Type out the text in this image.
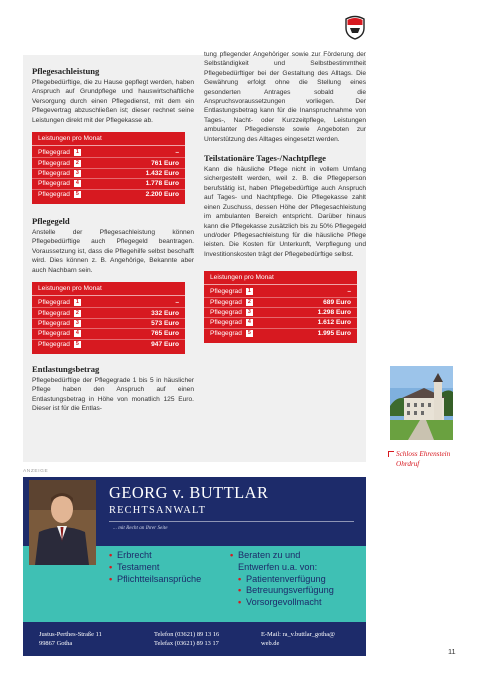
Pflegesachleistung
Pflegebedürftige, die zu Hause gepflegt werden, haben Anspruch auf Grundpflege und hauswirtschaftliche Versorgung durch einen Pflegedienst, mit dem ein Pflegevertrag abzuschließen ist; dieser rechnet seine Leistungen direkt mit der Pflegekasse ab.
Leistungen pro Monat
Pflegegrad	1	–
Pflegegrad	2	761 Euro
Pflegegrad	3	1.432 Euro
Pflegegrad	4	1.778 Euro
Pflegegrad	5	2.200 Euro
Pflegegeld
Anstelle der Pflegesachleistung können Pflegebedürftige auch Pflegegeld beantragen. Voraussetzung ist, dass die Pflegehilfe selbst beschafft wird. Dies können z. B. Angehörige, Bekannte aber auch Nachbarn sein.
Leistungen pro Monat
Pflegegrad	1	–
Pflegegrad	2	332 Euro
Pflegegrad	3	573 Euro
Pflegegrad	4	765 Euro
Pflegegrad	5	947 Euro
Entlastungsbetrag
Pflegebedürftige der Pflegegrade 1 bis 5 in häuslicher Pflege haben den Anspruch auf einen Entlastungsbetrag in Höhe von monatlich 125 Euro. Dieser ist für die Entlas-
tung pflegender Angehöriger sowie zur Förderung der Selbständigkeit und Selbstbestimmtheit Pflegebedürftiger bei der Gestaltung des Alltags. Die Gewährung erfolgt ohne die Stellung eines gesonderten Antrages sobald die Anspruchsvoraussetzungen vorliegen. Der Entlastungsbetrag kann für die Inanspruchnahme von Tages-, Nacht- oder Kurzzeitpflege, Leistungen ambulanter Pflegedienste sowie Angeboten zur Unterstützung des Alltages eingesetzt werden.
Teilstationäre Tages-/Nachtpflege
Kann die häusliche Pflege nicht in vollem Umfang sichergestellt werden, weil z. B. die Pflegeperson berufstätig ist, haben Pflegebedürftige auch Anspruch auf Tages- und Nachtpflege. Die Pflegekasse zahlt einen Zuschuss, dessen Höhe der Pflegesachleistung im ambulanten Bereich entspricht. Darüber hinaus kann die Pflegekasse zusätzlich bis zu 50% Pflegegeld und/oder Pflegesachleistung für die häusliche Pflege leisten. Die Kosten für Unterkunft, Verpflegung und Investitionskosten trägt der Pflegebedürftige selbst.
Leistungen pro Monat
Pflegegrad	1	–
Pflegegrad	2	689 Euro
Pflegegrad	3	1.298 Euro
Pflegegrad	4	1.612 Euro
Pflegegrad	5	1.995 Euro
Schloss Ehrenstein
Ohrdruf
ANZEIGE
GEORG v. BUTTLAR
RECHTSANWALT
... mit Recht an Ihrer Seite
• Erbrecht
• Testament
• Pflichtteilsansprüche
• Beraten zu und
Entwerfen u.a. von:
• Patientenverfügung
• Betreuungsverfügung
• Vorsorgevollmacht
Justus-Perthes-Straße 11
99867 Gotha
Telefon (03621) 89 13 16
Telefax (03621) 89 13 17
E-Mail: ra_v.buttlar_gotha@
web.de
11
